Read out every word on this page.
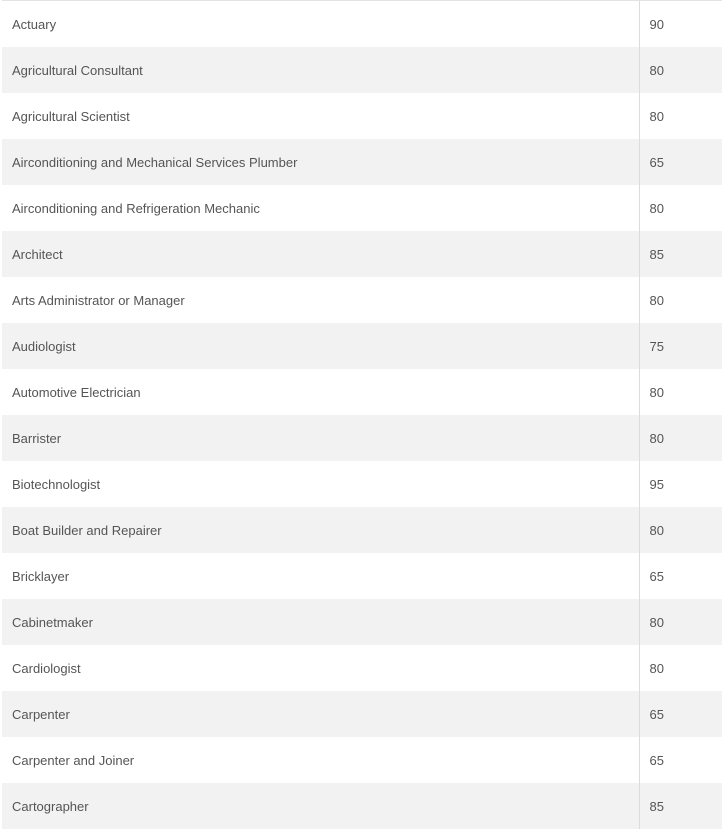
Actuary	90
Agricultural Consultant	80
Agricultural Scientist	80
Airconditioning and Mechanical Services Plumber	65
Airconditioning and Refrigeration Mechanic	80
Architect	85
Arts Administrator or Manager	80
Audiologist	75
Automotive Electrician	80
Barrister	80
Biotechnologist	95
Boat Builder and Repairer	80
Bricklayer	65
Cabinetmaker	80
Cardiologist	80
Carpenter	65
Carpenter and Joiner	65
Cartographer	85
